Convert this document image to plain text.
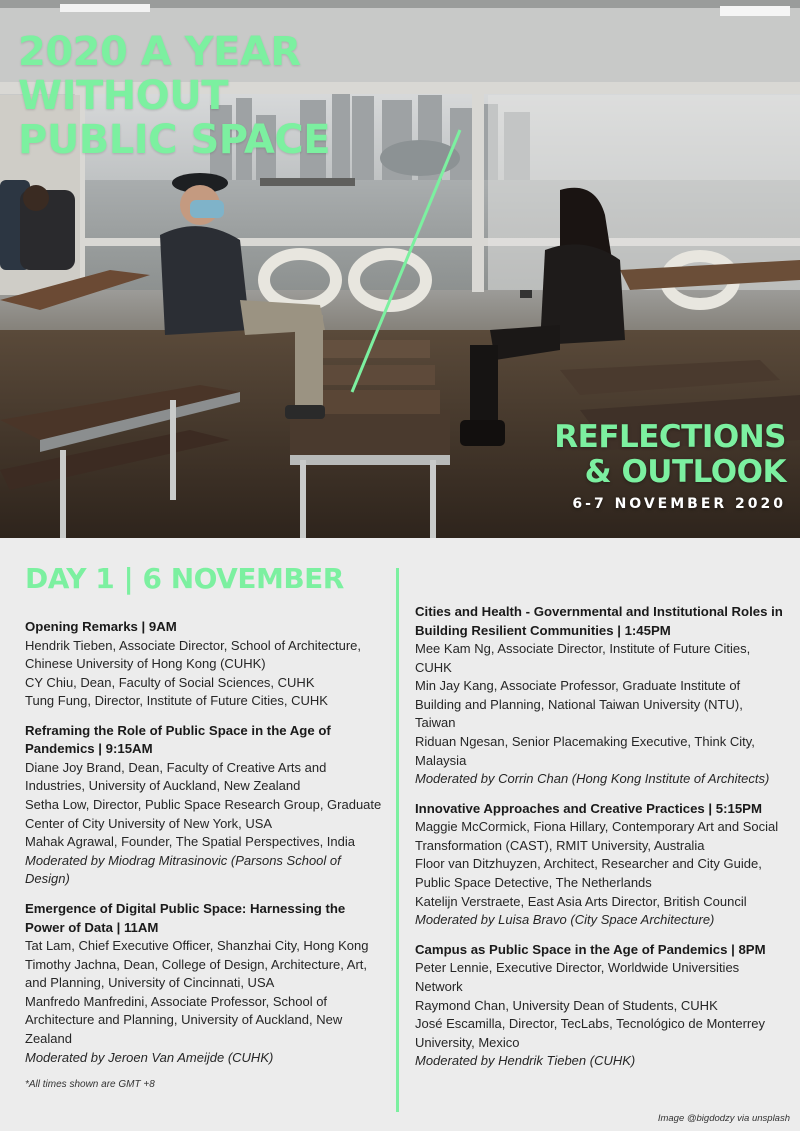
2020 A YEAR WITHOUT PUBLIC SPACE
REFLECTIONS & OUTLOOK
6-7 NOVEMBER 2020
DAY 1 | 6 NOVEMBER

Opening Remarks | 9AM

Hendrik Tieben, Associate Director, School of Architecture, Chinese University of Hong Kong (CUHK)

CY Chiu, Dean, Faculty of Social Sciences, CUHK

Tung Fung, Director, Institute of Future Cities, CUHK

Reframing the Role of Public Space in the Age of Pandemics | 9:15AM

Diane Joy Brand, Dean, Faculty of Creative Arts and Industries, University of Auckland, New Zealand

Setha Low, Director, Public Space Research Group, Graduate Center of City University of New York, USA

Mahak Agrawal, Founder, The Spatial Perspectives, India

Moderated by Miodrag Mitrasinovic (Parsons School of Design)

Emergence of Digital Public Space: Harnessing the Power of Data | 11AM

Tat Lam, Chief Executive Officer, Shanzhai City, Hong Kong

Timothy Jachna, Dean, College of Design, Architecture, Art, and Planning, University of Cincinnati, USA

Manfredo Manfredini, Associate Professor, School of Architecture and Planning, University of Auckland, New Zealand

Moderated by Jeroen Van Ameijde (CUHK)

Cities and Health - Governmental and Institutional Roles in Building Resilient Communities | 1:45PM

Mee Kam Ng, Associate Director, Institute of Future Cities, CUHK

Min Jay Kang, Associate Professor, Graduate Institute of Building and Planning, National Taiwan University (NTU), Taiwan

Riduan Ngesan, Senior Placemaking Executive, Think City, Malaysia

Moderated by Corrin Chan (Hong Kong Institute of Architects)

Innovative Approaches and Creative Practices | 5:15PM

Maggie McCormick, Fiona Hillary, Contemporary Art and Social Transformation (CAST), RMIT University, Australia

Floor van Ditzhuyzen, Architect, Researcher and City Guide, Public Space Detective, The Netherlands

Katelijn Verstraete, East Asia Arts Director, British Council

Moderated by Luisa Bravo (City Space Architecture)

Campus as Public Space in the Age of Pandemics | 8PM

Peter Lennie, Executive Director, Worldwide Universities Network

Raymond Chan, University Dean of Students, CUHK

José Escamilla, Director, TecLabs, Tecnológico de Monterrey University, Mexico

Moderated by Hendrik Tieben (CUHK)

*All times shown are GMT +8
Image @bigdodzy via unsplash
